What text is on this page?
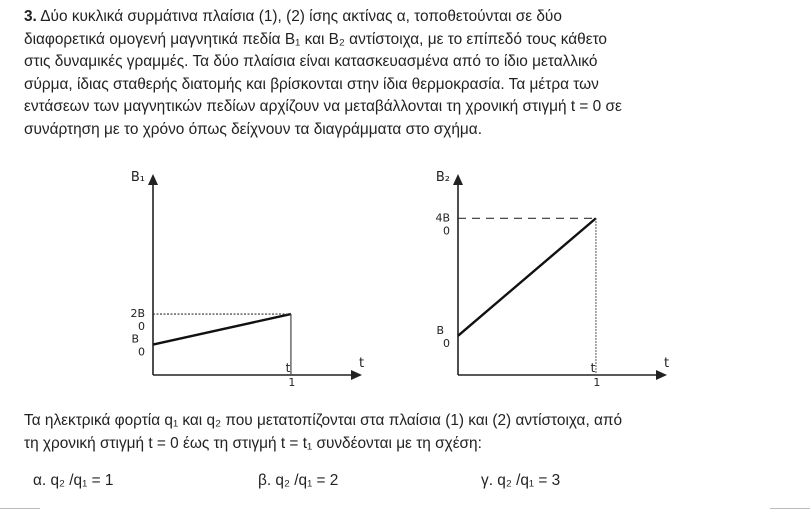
3. Δύο κυκλικά συρμάτινα πλαίσια (1), (2) ίσης ακτίνας α, τοποθετούνται σε δύο
διαφορετικά ομογενή μαγνητικά πεδία B₁ και B₂ αντίστοιχα, με το επίπεδό τους κάθετο
στις δυναμικές γραμμές. Τα δύο πλαίσια είναι κατασκευασμένα από το ίδιο μεταλλικό
σύρμα, ίδιας σταθερής διατομής και βρίσκονται στην ίδια θερμοκρασία. Τα μέτρα των
εντάσεων των μαγνητικών πεδίων αρχίζουν να μεταβάλλονται τη χρονική στιγμή t = 0 σε
συνάρτηση με το χρόνο όπως δείχνουν τα διαγράμματα στο σχήμα.
B₁
t
t
1
2B
0
B
0
B₂
t
t
1
4B
0
B
0
Τα ηλεκτρικά φορτία q₁ και q₂ που μετατοπίζονται στα πλαίσια (1) και (2) αντίστοιχα, από
τη χρονική στιγμή t = 0 έως τη στιγμή t = t₁ συνδέονται με τη σχέση:
α. q₂ /q₁ = 1	β. q₂ /q₁ = 2	γ. q₂ /q₁ = 3
